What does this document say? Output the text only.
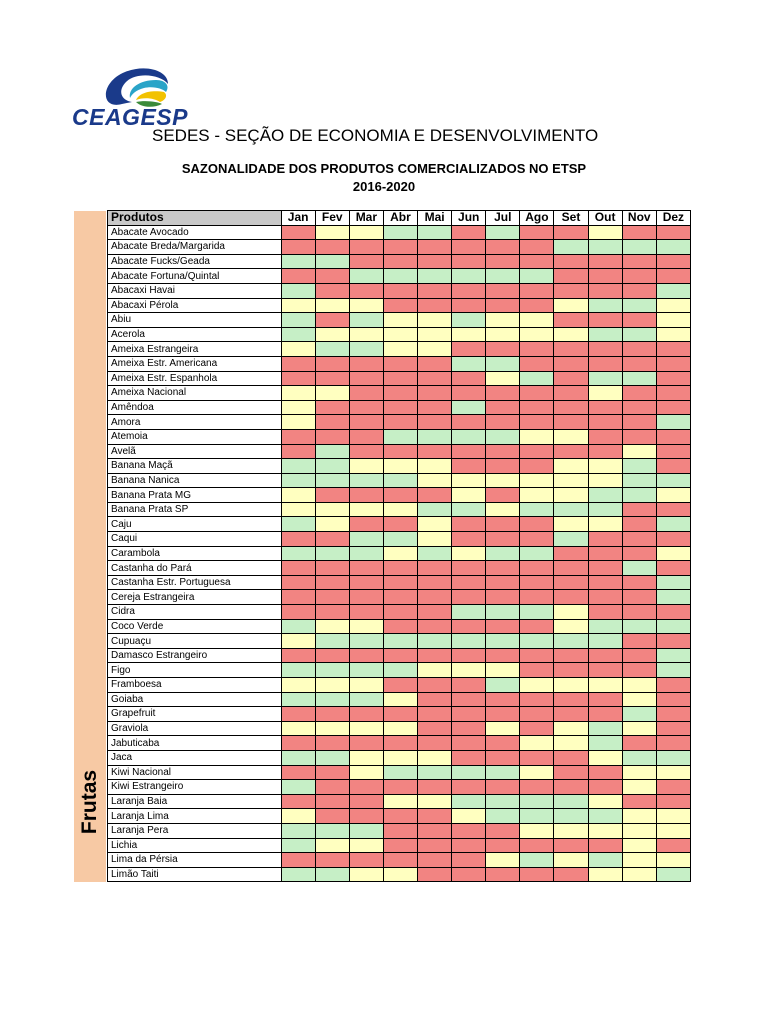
CEAGESP
SEDES - SEÇÃO DE ECONOMIA E DESENVOLVIMENTO
SAZONALIDADE DOS PRODUTOS COMERCIALIZADOS NO ETSP
2016-2020
Frutas
Produtos	Jan	Fev	Mar	Abr	Mai	Jun	Jul	Ago	Set	Out	Nov	Dez
Abacate Avocado												
Abacate Breda/Margarida												
Abacate Fucks/Geada												
Abacate Fortuna/Quintal												
Abacaxi Havai												
Abacaxi Pérola												
Abiu												
Acerola												
Ameixa Estrangeira												
Ameixa Estr. Americana												
Ameixa Estr. Espanhola												
Ameixa Nacional												
Amêndoa												
Amora												
Atemoia												
Avelã												
Banana Maçã												
Banana Nanica												
Banana Prata MG												
Banana Prata SP												
Caju												
Caqui												
Carambola												
Castanha do Pará												
Castanha Estr. Portuguesa												
Cereja Estrangeira												
Cidra												
Coco Verde												
Cupuaçu												
Damasco Estrangeiro												
Figo												
Framboesa												
Goiaba												
Grapefruit												
Graviola												
Jabuticaba												
Jaca												
Kiwi Nacional												
Kiwi Estrangeiro												
Laranja Baia												
Laranja Lima												
Laranja Pera												
Lichia												
Lima da Pérsia												
Limão Taiti												
